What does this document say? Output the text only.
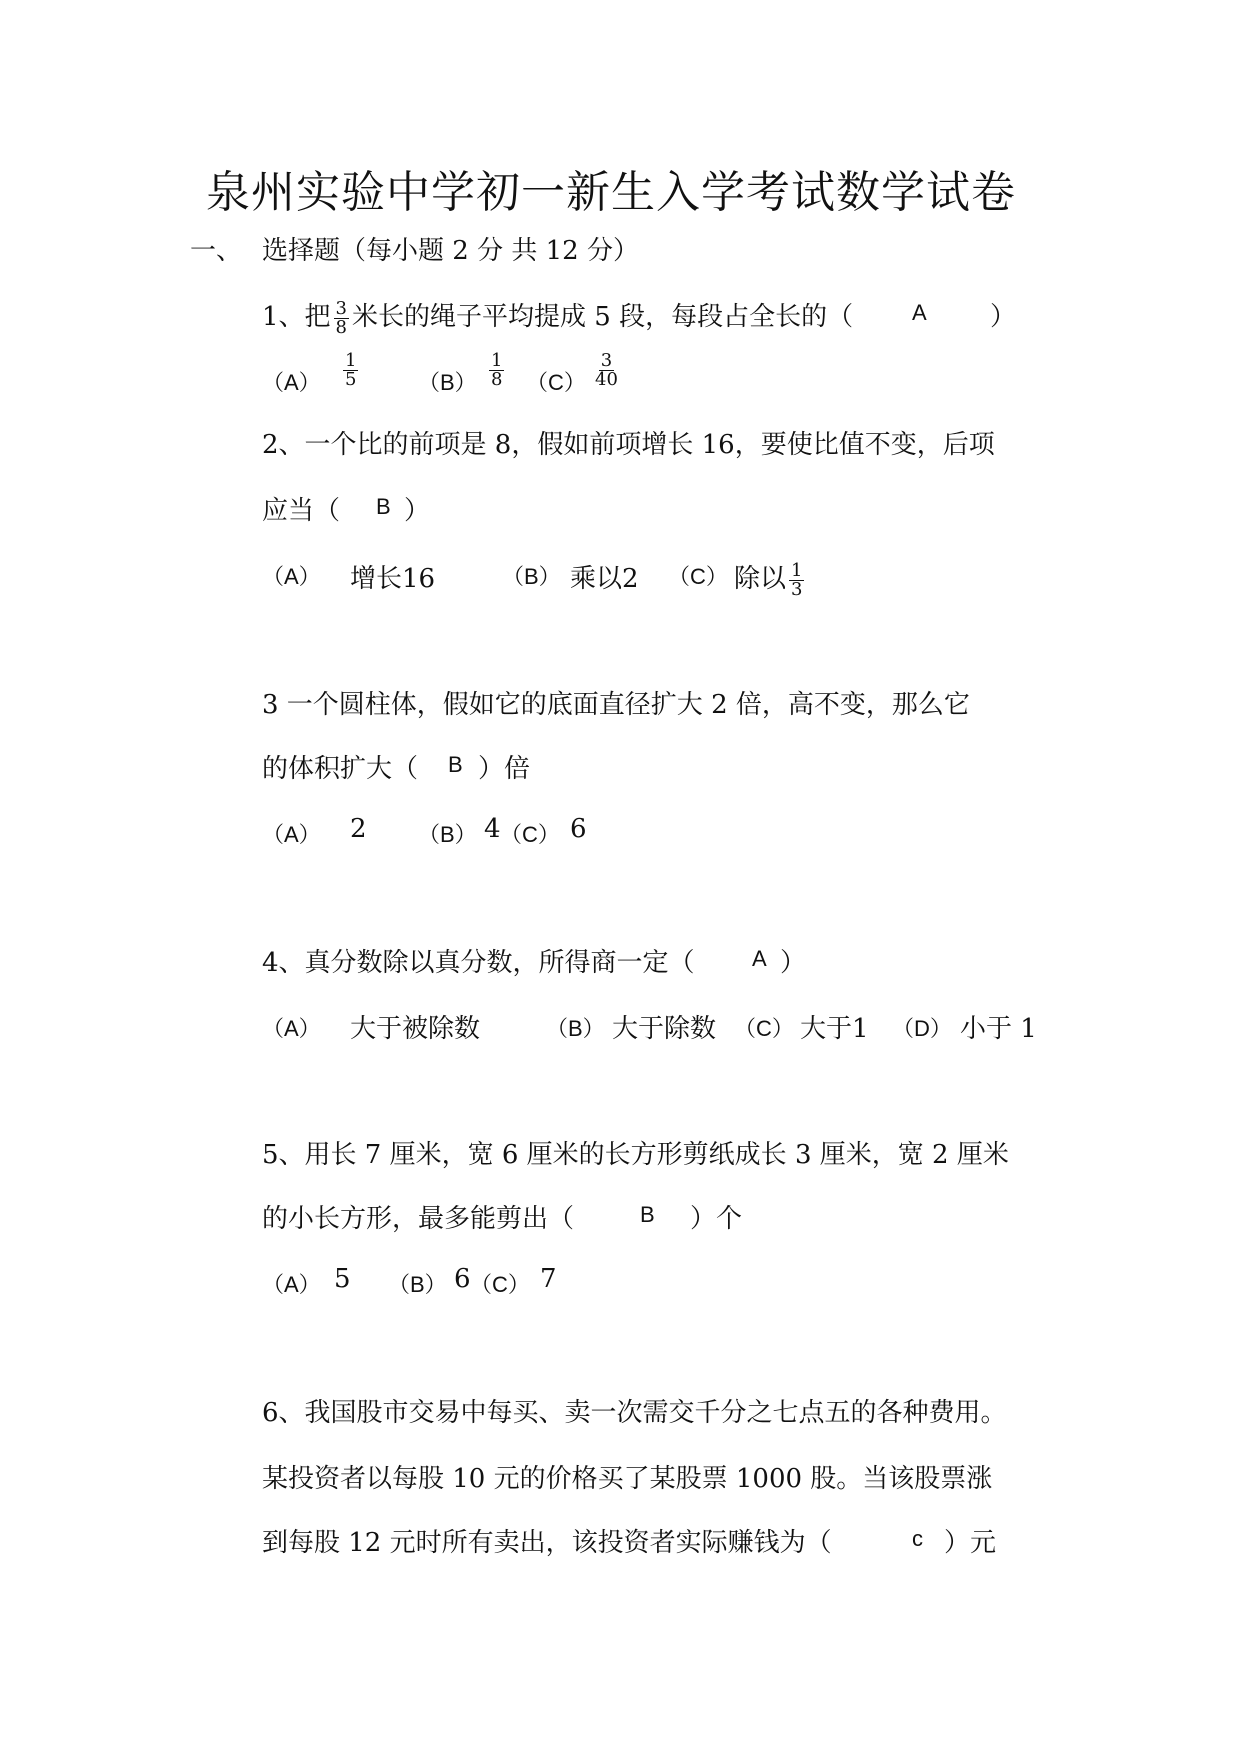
泉州实验中学初一新生入学考试数学试卷
一、 选择题（每小题 2 分 共 12 分）
1、把 $\frac{3}{8}$ 米长的绳子平均提成 5 段，每段占全长的（	A ）
$(A) \frac{1}{5}$	$(B) \frac{1}{8} (C) \frac{3}{40}$
2、一个比的前项是 8，假如前项增长 16，要使比值不变，后项
应当（ B ）
（A） 增长16	（B） 乘以2 （C） 除以 $\frac{1}{3}$
3 一个圆柱体，假如它的底面直径扩大 2 倍，高不变，那么它
的体积扩大（ B ）倍
（A） 2 （B） 4 （C） 6
4、真分数除以真分数，所得商一定（	A ）
（A） 大于被除数	（B） 大于除数 （C） 大于1 （D） 小于 1
5、用长 7 厘米，宽 6 厘米的长方形剪纸成长 3 厘米，宽 2 厘米
的小长方形，最多能剪出（	B ）个
（A） 5 （B） 6 （C） 7
6、我国股市交易中每买、卖一次需交千分之七点五的各种费用。
某投资者以每股 10 元的价格买了某股票 1000 股。当该股票涨
到每股 12 元时所有卖出，该投资者实际赚钱为（	c ）元
